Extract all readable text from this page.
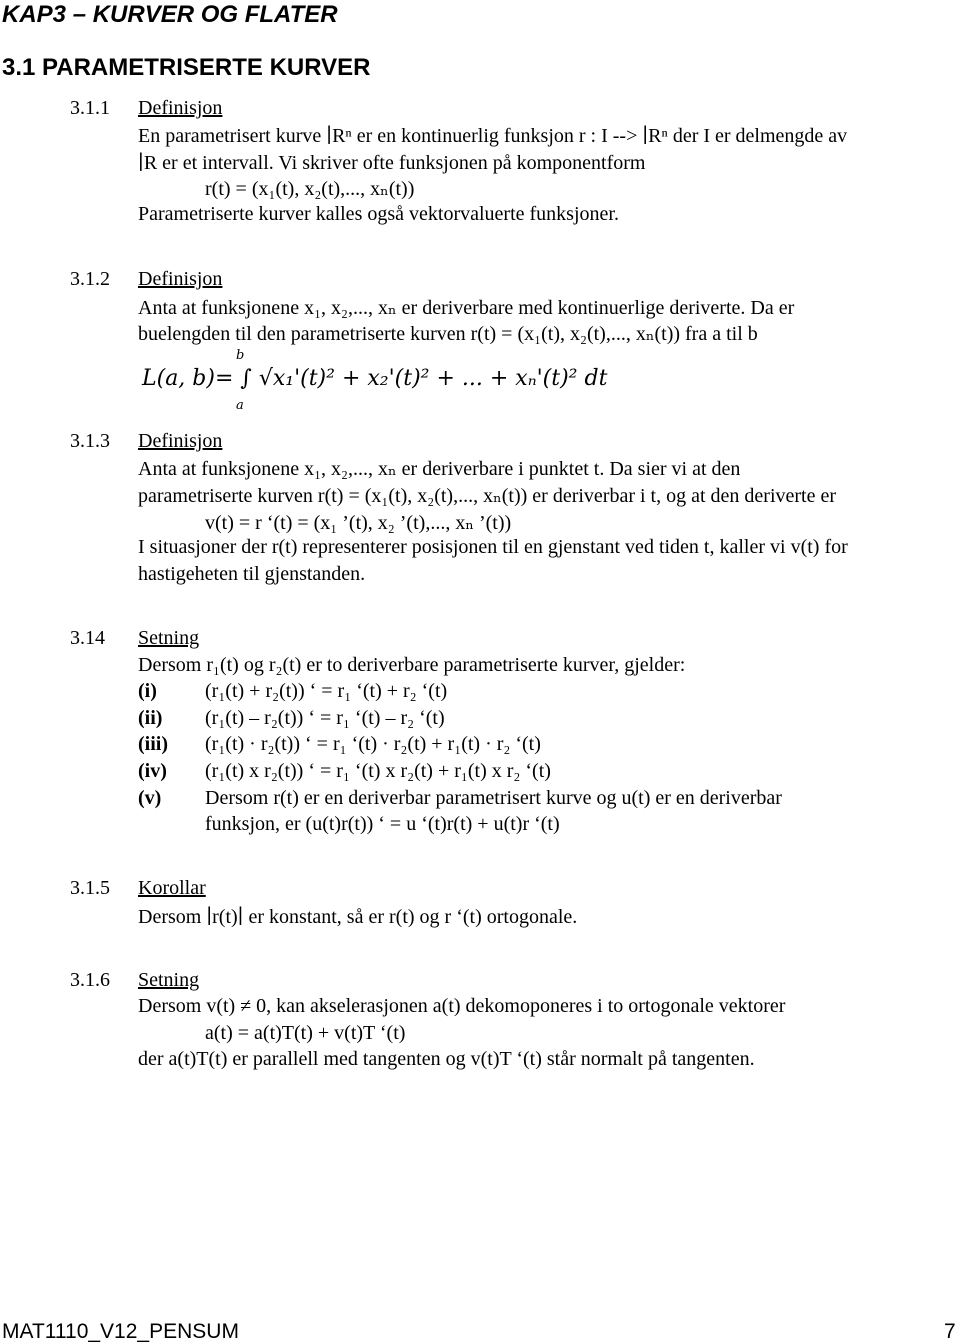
KAP3 – KURVER OG FLATER
3.1 PARAMETRISERTE KURVER
3.1.1 Definisjon
En parametrisert kurve ∣Rⁿ er en kontinuerlig funksjon r : I --> ∣Rⁿ der I er delmengde av
∣R er et intervall. Vi skriver ofte funksjonen på komponentform
r(t) = (x₁(t), x₂(t),..., xₙ(t))
Parametriserte kurver kalles også vektorvaluerte funksjoner.
3.1.2 Definisjon
Anta at funksjonene x₁, x₂,..., xₙ er deriverbare med kontinuerlige deriverte. Da er
buelengden til den parametriserte kurven r(t) = (x₁(t), x₂(t),..., xₙ(t)) fra a til b
b
L(a, b)= ∫ √x₁'(t)² + x₂'(t)² + ... + xₙ'(t)² dt
a
3.1.3 Definisjon
Anta at funksjonene x₁, x₂,..., xₙ er deriverbare i punktet t. Da sier vi at den
parametriserte kurven r(t) = (x₁(t), x₂(t),..., xₙ(t)) er deriverbar i t, og at den deriverte er
v(t) = r ‘(t) = (x₁ ’(t), x₂ ’(t),..., xₙ ’(t))
I situasjoner der r(t) representerer posisjonen til en gjenstant ved tiden t, kaller vi v(t) for
hastigeheten til gjenstanden.
3.14 Setning
Dersom r₁(t) og r₂(t) er to deriverbare parametriserte kurver, gjelder:
(i) (r₁(t) + r₂(t)) ‘ = r₁ ‘(t) + r₂ ‘(t)
(ii) (r₁(t) – r₂(t)) ‘ = r₁ ‘(t) – r₂ ‘(t)
(iii) (r₁(t) · r₂(t)) ‘ = r₁ ‘(t) · r₂(t) + r₁(t) · r₂ ‘(t)
(iv) (r₁(t) x r₂(t)) ‘ = r₁ ‘(t) x r₂(t) + r₁(t) x r₂ ‘(t)
(v) Dersom r(t) er en deriverbar parametrisert kurve og u(t) er en deriverbar
funksjon, er (u(t)r(t)) ‘ = u ‘(t)r(t) + u(t)r ‘(t)
3.1.5 Korollar
Dersom ∣r(t)∣ er konstant, så er r(t) og r ‘(t) ortogonale.
3.1.6 Setning
Dersom v(t) ≠ 0, kan akselerasjonen a(t) dekomoponeres i to ortogonale vektorer
a(t) = a(t)T(t) + v(t)T ‘(t)
der a(t)T(t) er parallell med tangenten og v(t)T ‘(t) står normalt på tangenten.
MAT1110_V12_PENSUM	7
